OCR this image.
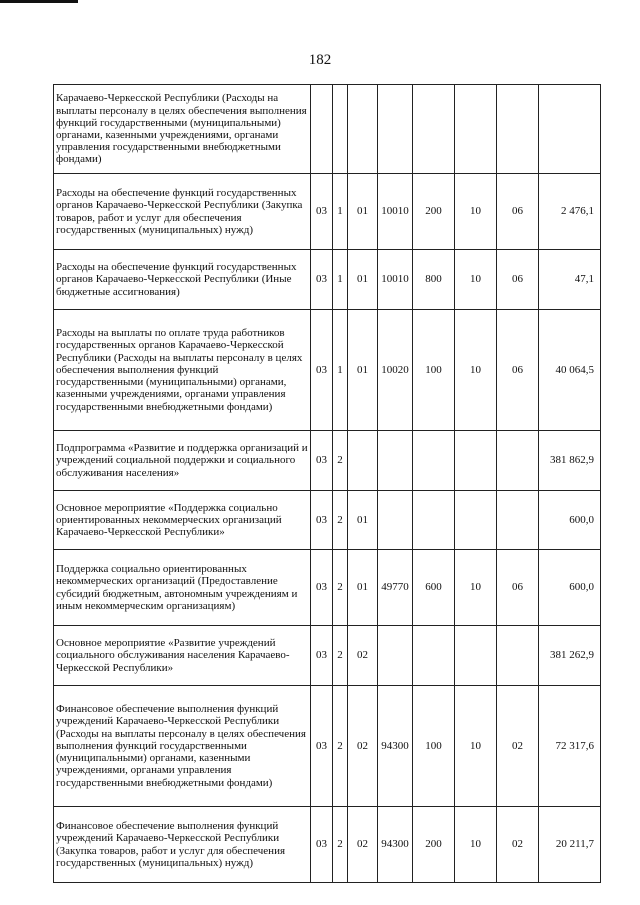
182
Карачаево-Черкесской Республики (Расходы на выплаты персоналу в целях обеспечения выполнения функций государственными (муниципальными) органами, казенными учреждениями, органами управления государственными внебюджетными фондами)								
Расходы на обеспечение функций государственных органов Карачаево-Черкесской Республики (Закупка товаров, работ и услуг для обеспечения государственных (муниципальных) нужд)	03	1	01	10010	200	10	06	2 476,1
Расходы на обеспечение функций государственных органов Карачаево-Черкесской Республики (Иные бюджетные ассигнования)	03	1	01	10010	800	10	06	47,1
Расходы на выплаты по оплате труда работников государственных органов Карачаево-Черкесской Республики (Расходы на выплаты персоналу в целях обеспечения выполнения функций государственными (муниципальными) органами, казенными учреждениями, органами управления государственными внебюджетными фондами)	03	1	01	10020	100	10	06	40 064,5
Подпрограмма «Развитие и поддержка организаций и учреждений социальной поддержки и социального обслуживания населения»	03	2						381 862,9
Основное мероприятие «Поддержка социально ориентированных некоммерческих организаций Карачаево-Черкесской Республики»	03	2	01					600,0
Поддержка социально ориентированных некоммерческих организаций (Предоставление субсидий бюджетным, автономным учреждениям и иным некоммерческим организациям)	03	2	01	49770	600	10	06	600,0
Основное мероприятие «Развитие учреждений социального обслуживания населения Карачаево-Черкесской Республики»	03	2	02					381 262,9
Финансовое обеспечение выполнения функций учреждений Карачаево-Черкесской Республики (Расходы на выплаты персоналу в целях обеспечения выполнения функций государственными (муниципальными) органами, казенными учреждениями, органами управления государственными внебюджетными фондами)	03	2	02	94300	100	10	02	72 317,6
Финансовое обеспечение выполнения функций учреждений Карачаево-Черкесской Республики (Закупка товаров, работ и услуг для обеспечения государственных (муниципальных) нужд)	03	2	02	94300	200	10	02	20 211,7
